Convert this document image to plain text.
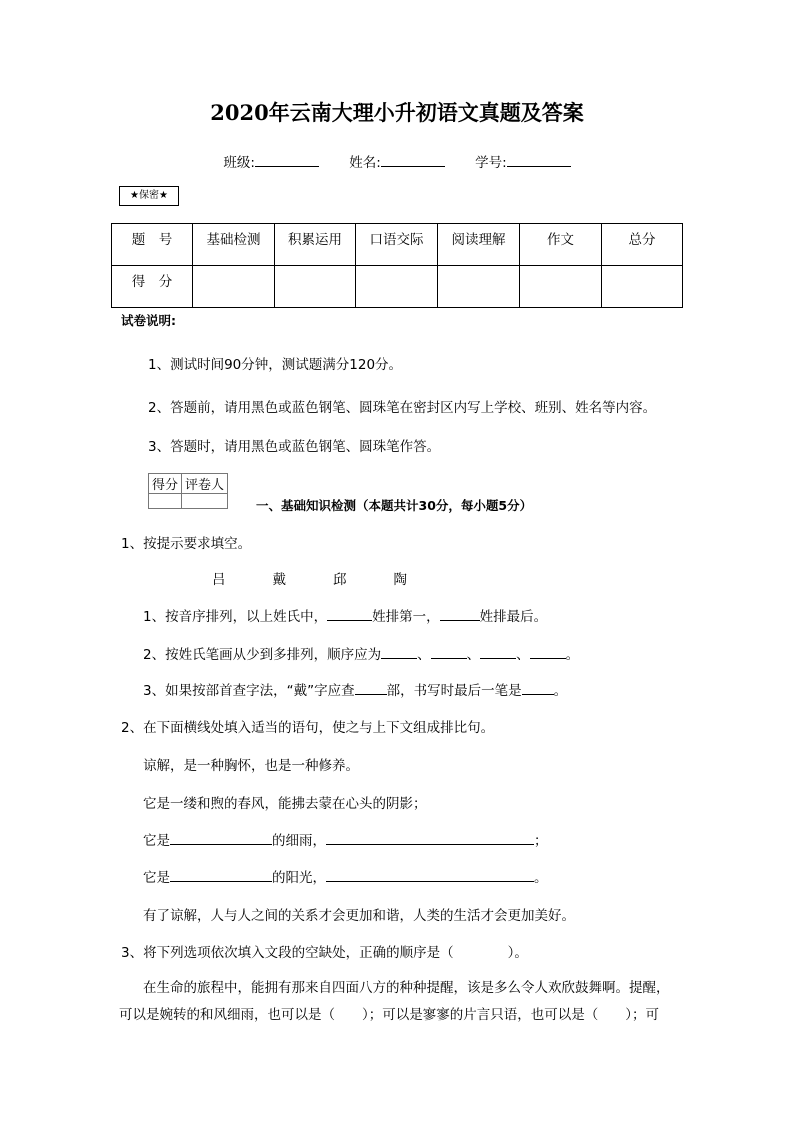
2020年云南大理小升初语文真题及答案
班级:	姓名:	学号:
★保密★
题　号	基础检测	积累运用	口语交际	阅读理解	作文	总分
得　分						
试卷说明:
1、测试时间90分钟，测试题满分120分。
2、答题前，请用黑色或蓝色钢笔、圆珠笔在密封区内写上学校、班别、姓名等内容。
3、答题时，请用黑色或蓝色钢笔、圆珠笔作答。
得分	评卷人

一、基础知识检测（本题共计30分，每小题5分）
1、按提示要求填空。
吕	戴	邱	陶
1、按音序排列，以上姓氏中，	姓排第一，	姓排最后。
2、按姓氏笔画从少到多排列，顺序应为	、	、	、	。
3、如果按部首查字法，“戴”字应查 部，书写时最后一笔是 。
2、在下面横线处填入适当的语句，使之与上下文组成排比句。
谅解，是一种胸怀，也是一种修养。
它是一缕和煦的春风，能拂去蒙在心头的阴影；
它是	的细雨，	；
它是	的阳光，	。
有了谅解，人与人之间的关系才会更加和谐，人类的生活才会更加美好。
3、将下列选项依次填入文段的空缺处，正确的顺序是（　　　　）。
在生命的旅程中，能拥有那来自四面八方的种种提醒，该是多么令人欢欣鼓舞啊。提醒，
可以是婉转的和风细雨，也可以是（　　）；可以是寥寥的片言只语，也可以是（　　）；可
